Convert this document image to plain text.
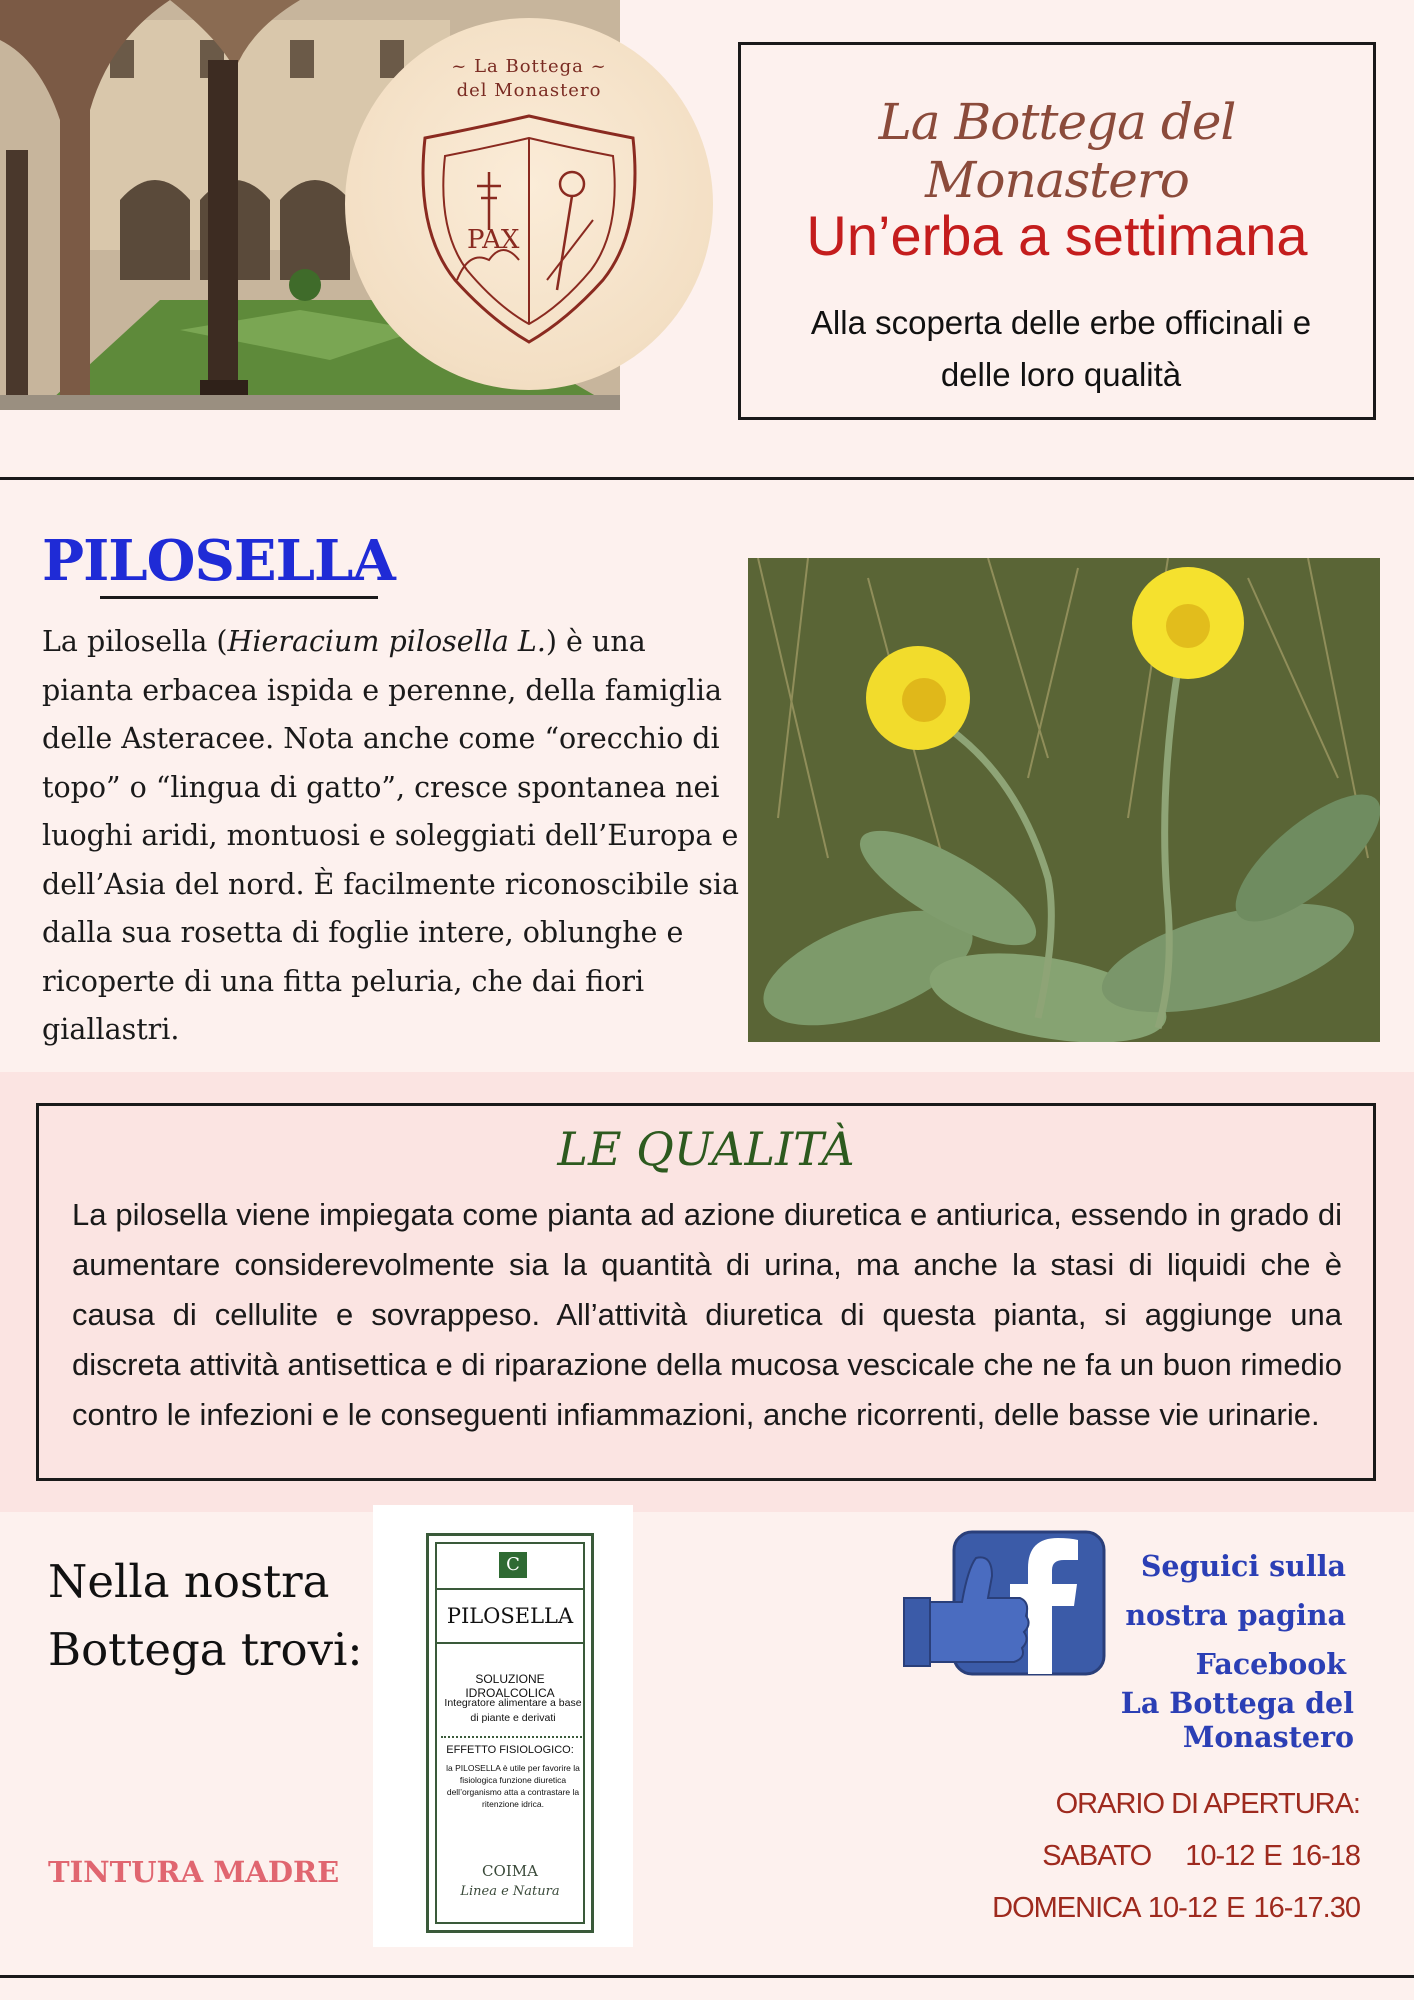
~ La Bottega ~
del Monastero
PAX
La Bottega del Monastero
Un’erba a settimana
Alla scoperta delle erbe officinali e delle loro qualità
PILOSELLA

La pilosella (Hieracium pilosella L.) è una pianta erbacea ispida e perenne, della famiglia delle Asteracee. Nota anche come “orecchio di topo” o “lingua di gatto”, cresce spontanea nei luoghi aridi, montuosi e soleggiati dell’Europa e dell’Asia del nord. È facilmente riconoscibile sia dalla sua rosetta di foglie intere, oblunghe e ricoperte di una fitta peluria, che dai fiori giallastri.

LE QUALITÀ

La pilosella viene impiegata come pianta ad azione diuretica e antiurica, essendo in grado di aumentare considerevolmente sia la quantità di urina, ma anche la stasi di liquidi che è causa di cellulite e sovrappeso. All’attività diuretica di questa pianta, si aggiunge una discreta attività antisettica e di riparazione della mucosa vescicale che ne fa un buon rimedio contro le infezioni e le conseguenti infiammazioni, anche ricorrenti, delle basse vie urinarie.

Nella nostra
Bottega trovi:
TINTURA MADRE
C
PILOSELLA
SOLUZIONE IDROALCOLICA
Integratore alimentare a base di piante e derivati
EFFETTO FISIOLOGICO:
la PILOSELLA è utile per favorire la fisiologica funzione diuretica dell’organismo atta a contrastare la ritenzione idrica.
COIMA
Linea e Natura
Seguici sulla
nostra pagina
Facebook
La Bottega del Monastero
ORARIO DI APERTURA:
SABATO 10-12 E 16-18
DOMENICA 10-12 E 16-17.30
